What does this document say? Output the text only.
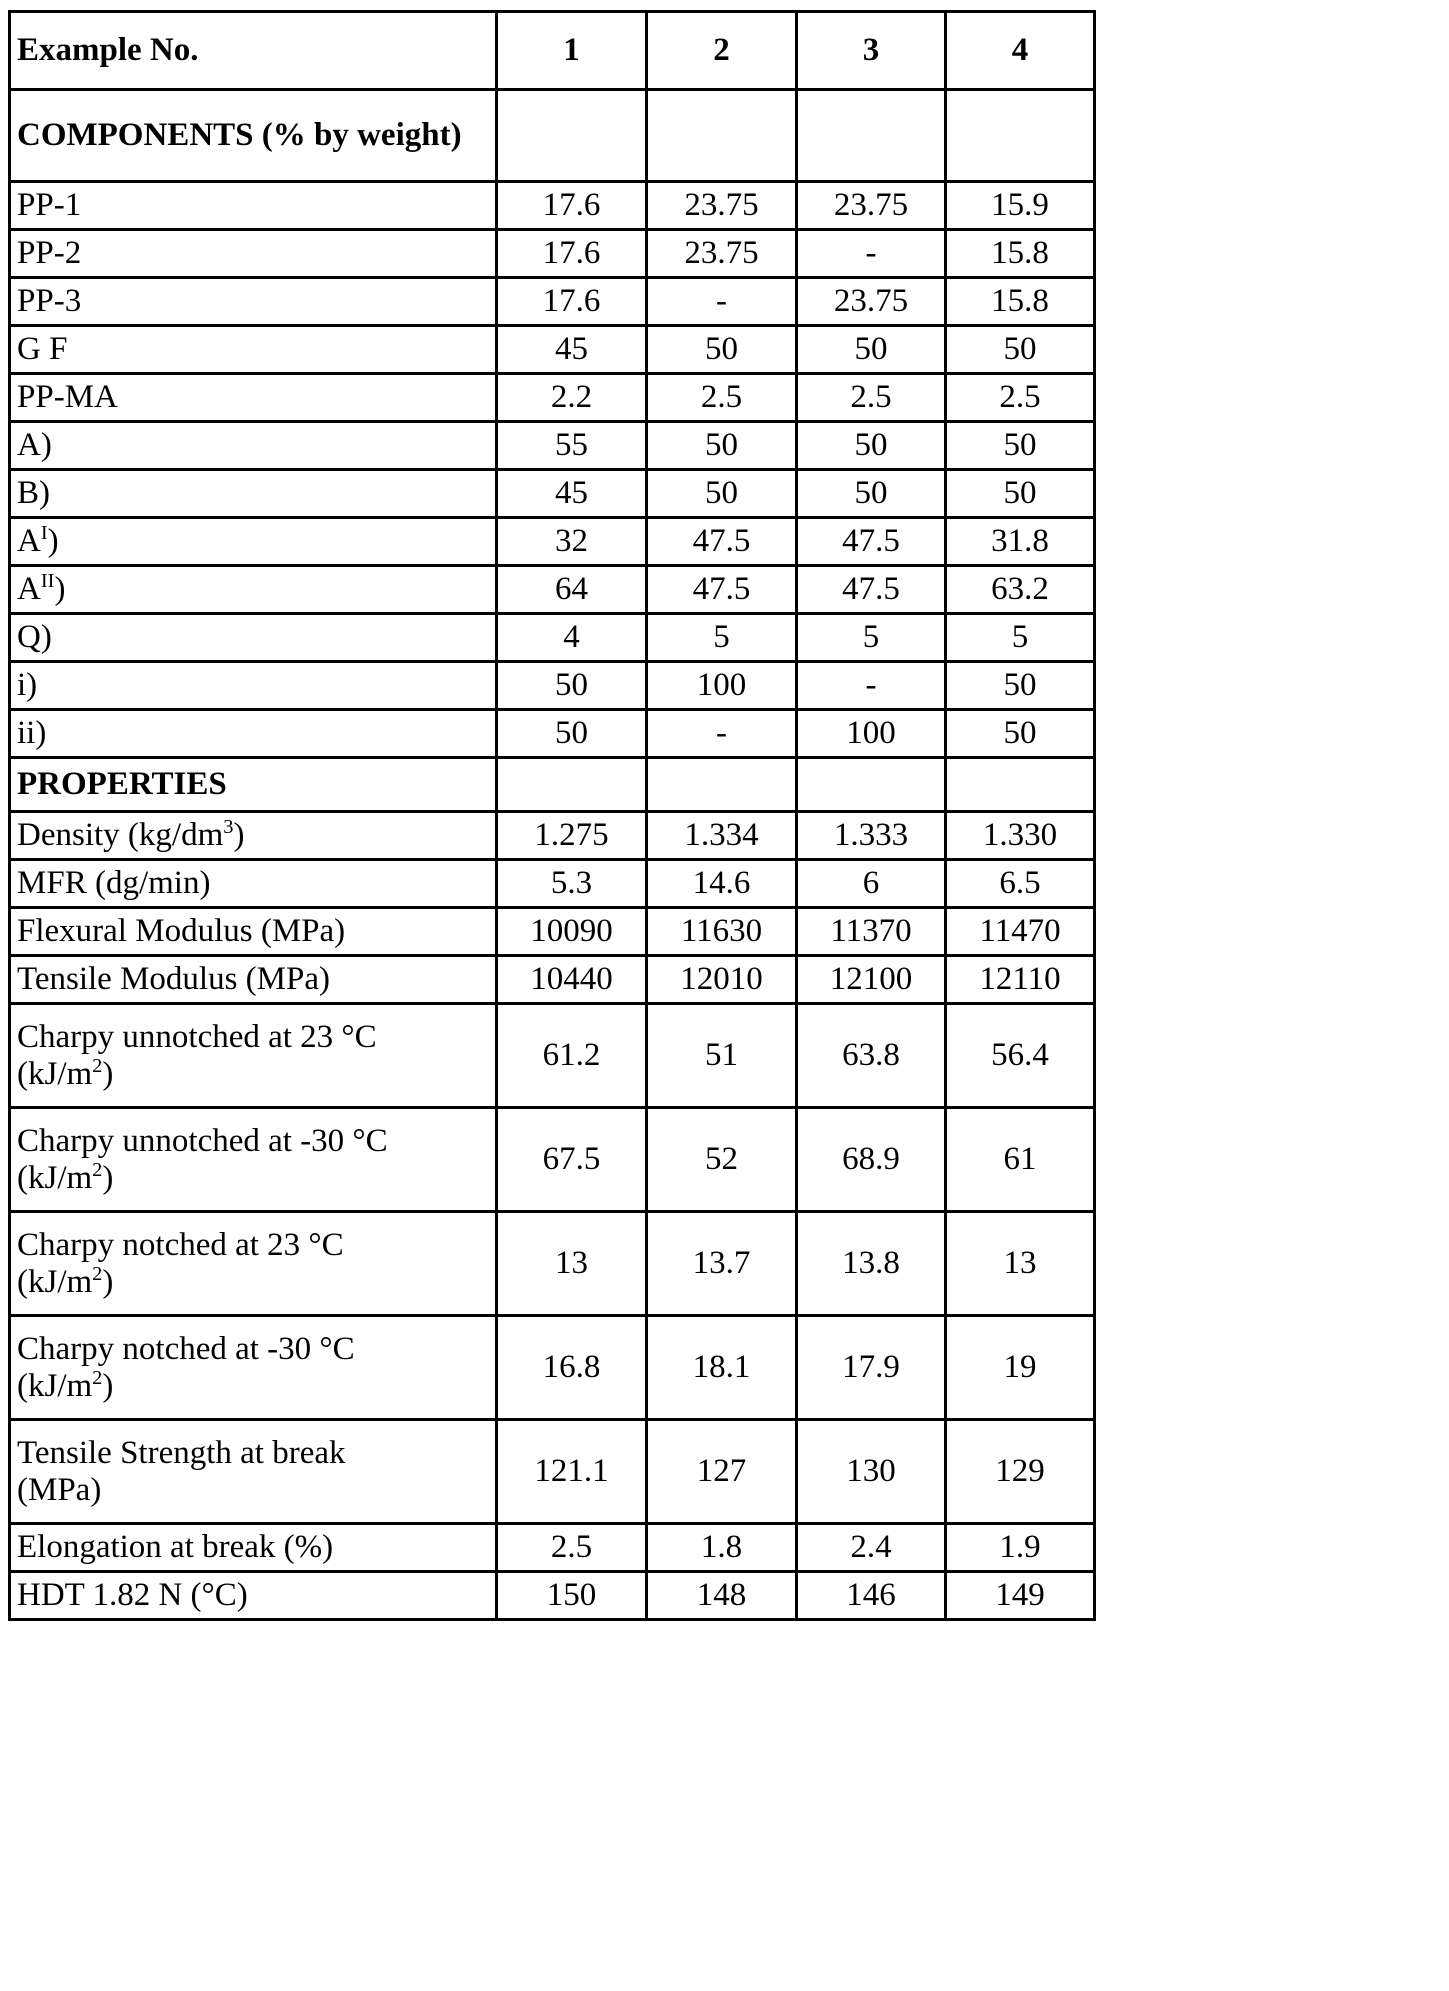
Example No.	1	2	3	4
COMPONENTS (% by weight)				
PP-1	17.6	23.75	23.75	15.9
PP-2	17.6	23.75	-	15.8
PP-3	17.6	-	23.75	15.8
G F	45	50	50	50
PP-MA	2.2	2.5	2.5	2.5
A)	55	50	50	50
B)	45	50	50	50
$A^I$)	32	47.5	47.5	31.8
$A^{II}$)	64	47.5	47.5	63.2
Q)	4	5	5	5
i)	50	100	-	50
ii)	50	-	100	50
PROPERTIES				
Density $(kg/dm^3)$	1.275	1.334	1.333	1.330
MFR (dg/min)	5.3	14.6	6	6.5
Flexural Modulus (MPa)	10090	11630	11370	11470
Tensile Modulus (MPa)	10440	12010	12100	12110

Charpy unnotched at 23 °C
$(kJ/m^2)$	61.2	51	63.8	56.4

Charpy unnotched at -30 °C
$(kJ/m^2)$	67.5	52	68.9	61

Charpy notched at 23 °C
$(kJ/m^2)$	13	13.7	13.8	13

Charpy notched at -30 °C
$(kJ/m^2)$	16.8	18.1	17.9	19

Tensile Strength at break
(MPa)	121.1	127	130	129
Elongation at break (%)	2.5	1.8	2.4	1.9
HDT 1.82 N (°C)	150	148	146	149
